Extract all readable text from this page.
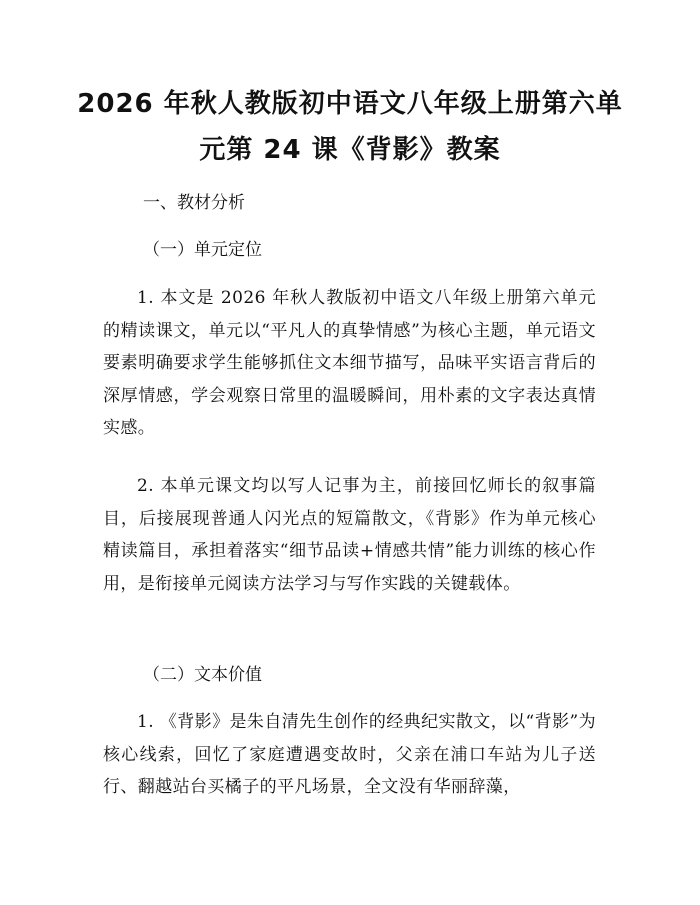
2026 年秋人教版初中语文八年级上册第六单
元第 24 课《背影》教案
一、教材分析
（一）单元定位
1. 本文是 2026 年秋人教版初中语文八年级上册第六单元的精读课文，单元以“平凡人的真挚情感”为核心主题，单元语文要素明确要求学生能够抓住文本细节描写，品味平实语言背后的深厚情感，学会观察日常里的温暖瞬间，用朴素的文字表达真情实感。
2. 本单元课文均以写人记事为主，前接回忆师长的叙事篇目，后接展现普通人闪光点的短篇散文，《背影》作为单元核心精读篇目，承担着落实“细节品读+情感共情”能力训练的核心作用，是衔接单元阅读方法学习与写作实践的关键载体。
（二）文本价值
1. 《背影》是朱自清先生创作的经典纪实散文，以“背影”为核心线索，回忆了家庭遭遇变故时，父亲在浦口车站为儿子送行、翻越站台买橘子的平凡场景，全文没有华丽辞藻，
